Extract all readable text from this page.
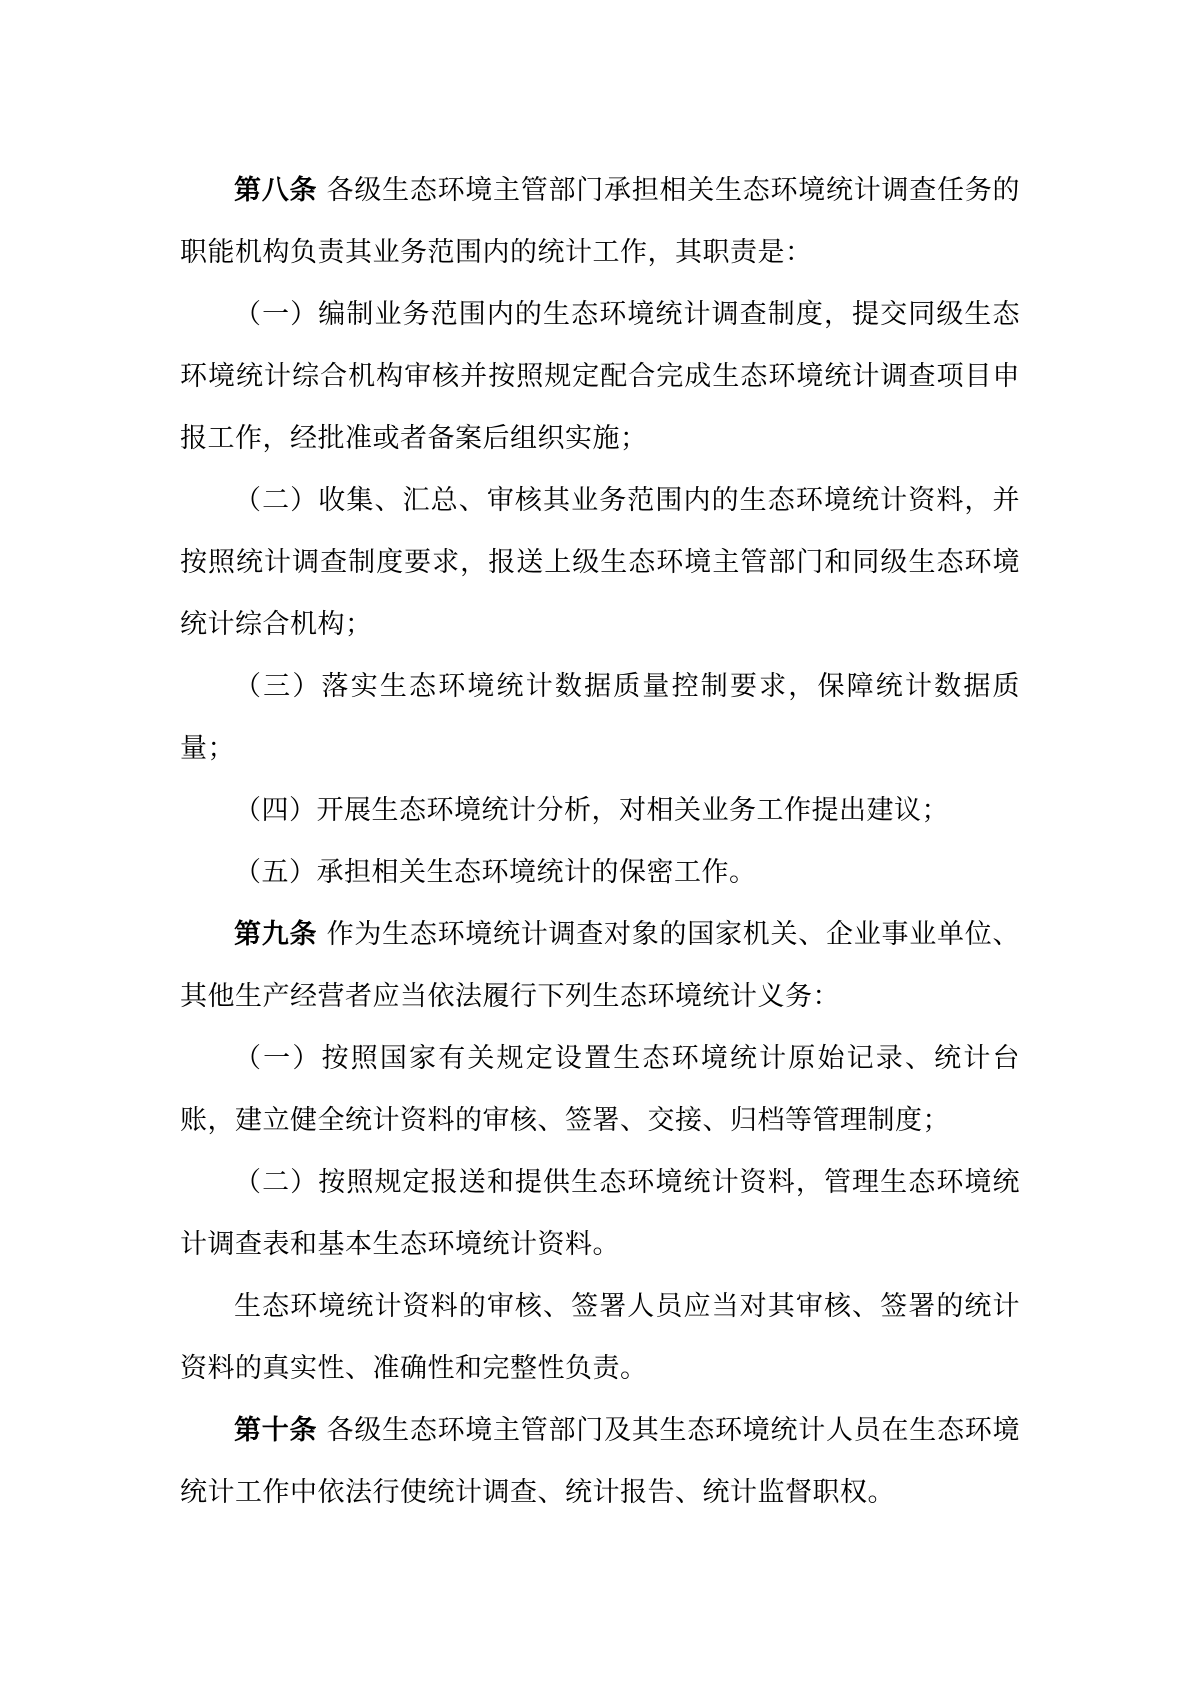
第八条 各级生态环境主管部门承担相关生态环境统计调查任务的职能机构负责其业务范围内的统计工作，其职责是：

（一）编制业务范围内的生态环境统计调查制度，提交同级生态环境统计综合机构审核并按照规定配合完成生态环境统计调查项目申报工作，经批准或者备案后组织实施；

（二）收集、汇总、审核其业务范围内的生态环境统计资料，并按照统计调查制度要求，报送上级生态环境主管部门和同级生态环境统计综合机构；

（三）落实生态环境统计数据质量控制要求，保障统计数据质量；

（四）开展生态环境统计分析，对相关业务工作提出建议；

（五）承担相关生态环境统计的保密工作。

第九条 作为生态环境统计调查对象的国家机关、企业事业单位、其他生产经营者应当依法履行下列生态环境统计义务：

（一）按照国家有关规定设置生态环境统计原始记录、统计台账，建立健全统计资料的审核、签署、交接、归档等管理制度；

（二）按照规定报送和提供生态环境统计资料，管理生态环境统计调查表和基本生态环境统计资料。

生态环境统计资料的审核、签署人员应当对其审核、签署的统计资料的真实性、准确性和完整性负责。

第十条 各级生态环境主管部门及其生态环境统计人员在生态环境统计工作中依法行使统计调查、统计报告、统计监督职权。
